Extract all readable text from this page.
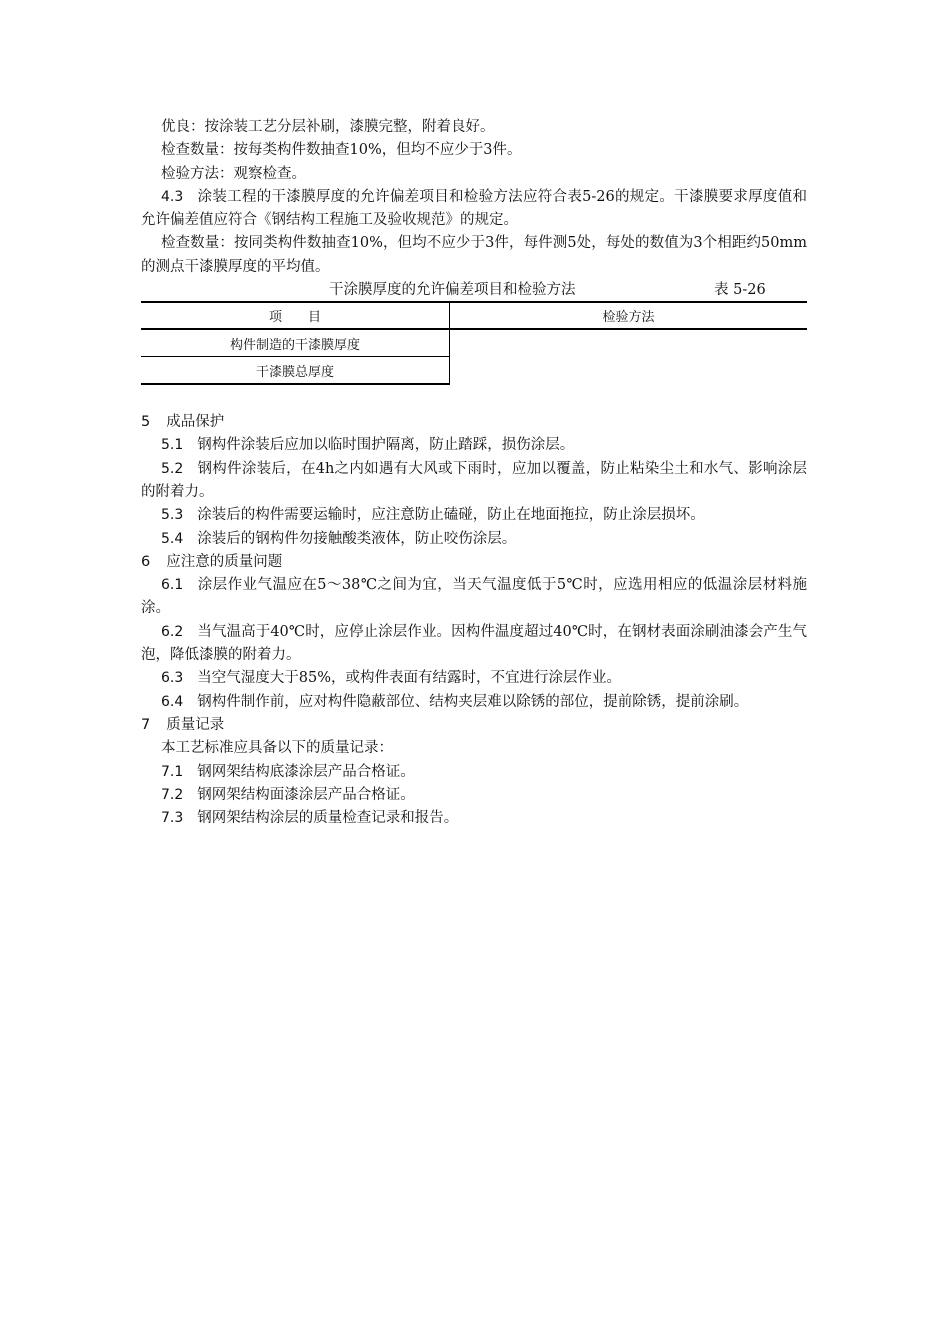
优良：按涂装工艺分层补刷，漆膜完整，附着良好。

检查数量：按每类构件数抽查10%，但均不应少于3件。

检验方法：观察检查。

4.3 涂装工程的干漆膜厚度的允许偏差项目和检验方法应符合表5-26的规定。干漆膜要求厚度值和允许偏差值应符合《钢结构工程施工及验收规范》的规定。

检查数量：按同类构件数抽查10%，但均不应少于3件，每件测5处，每处的数值为3个相距约50mm的测点干漆膜厚度的平均值。

干涂膜厚度的允许偏差项目和检验方法	表 5-26
项　　目	检验方法
构件制造的干漆膜厚度	
干漆膜总厚度	

5 成品保护

5.1 钢构件涂装后应加以临时围护隔离，防止踏踩，损伤涂层。

5.2 钢构件涂装后，在4h之内如遇有大风或下雨时，应加以覆盖，防止粘染尘土和水气、影响涂层的附着力。

5.3 涂装后的构件需要运输时，应注意防止磕碰，防止在地面拖拉，防止涂层损坏。

5.4 涂装后的钢构件勿接触酸类液体，防止咬伤涂层。

6 应注意的质量问题

6.1 涂层作业气温应在5～38℃之间为宜，当天气温度低于5℃时，应选用相应的低温涂层材料施涂。

6.2 当气温高于40℃时，应停止涂层作业。因构件温度超过40℃时，在钢材表面涂刷油漆会产生气泡，降低漆膜的附着力。

6.3 当空气湿度大于85%，或构件表面有结露时，不宜进行涂层作业。

6.4 钢构件制作前，应对构件隐蔽部位、结构夹层难以除锈的部位，提前除锈，提前涂刷。

7 质量记录

本工艺标准应具备以下的质量记录：

7.1 钢网架结构底漆涂层产品合格证。

7.2 钢网架结构面漆涂层产品合格证。

7.3 钢网架结构涂层的质量检查记录和报告。
